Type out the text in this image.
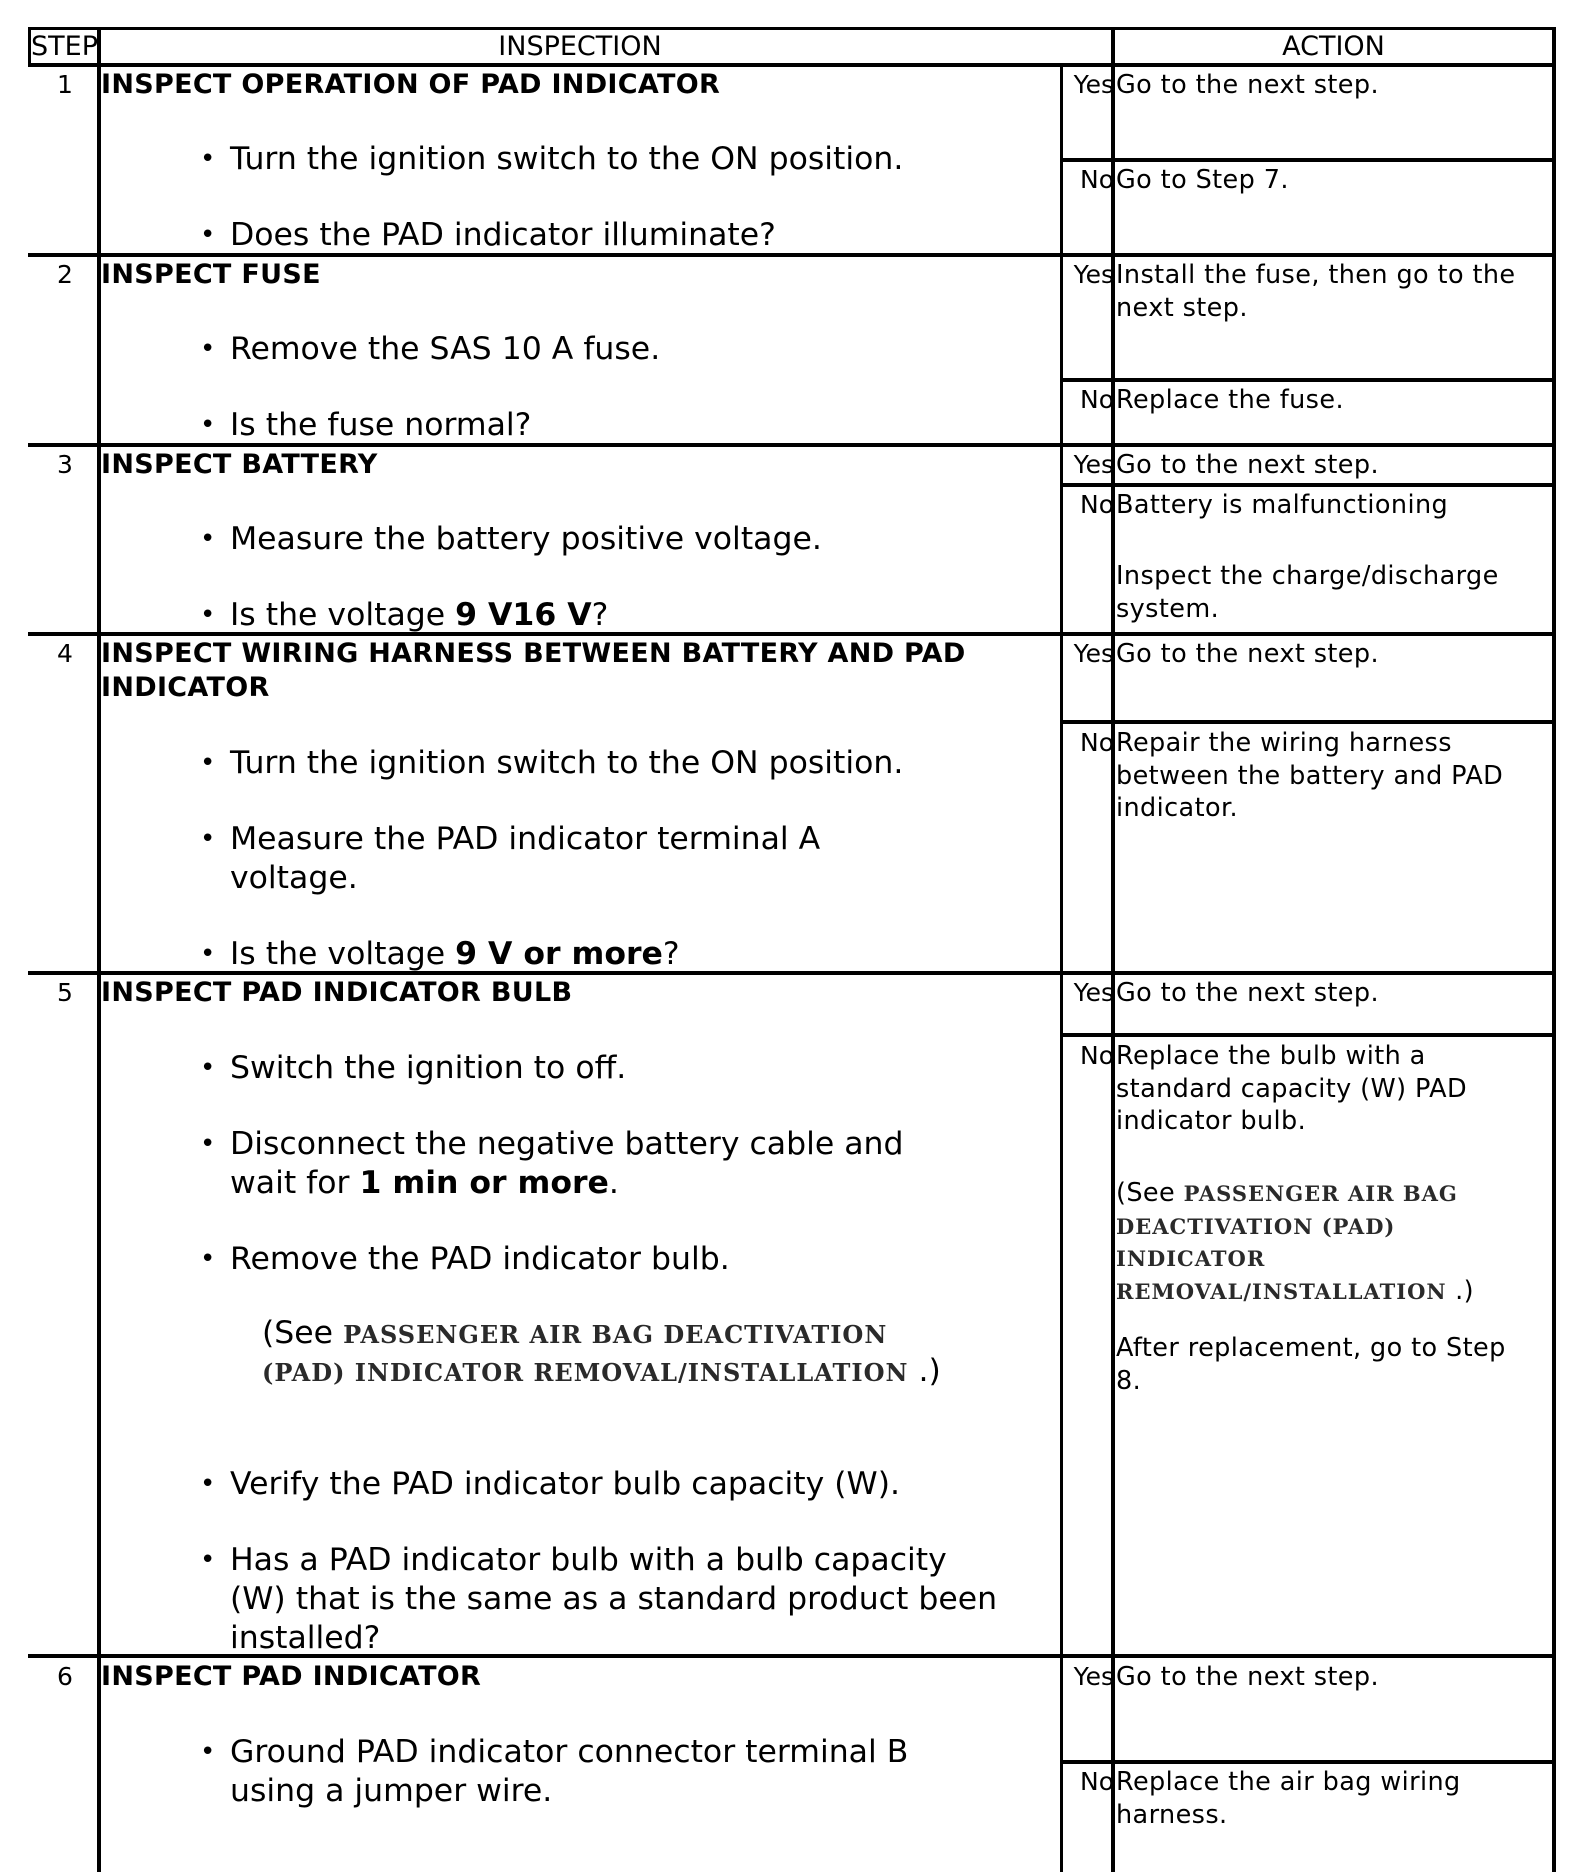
STEP	INSPECTION	ACTION
1	INSPECT OPERATION OF PAD INDICATOR
• Turn the ignition switch to the ON position.
• Does the PAD indicator illuminate?
Yes Go to the next step.
No Go to Step 7.
2	INSPECT FUSE
• Remove the SAS 10 A fuse.
• Is the fuse normal?
Yes Install the fuse, then go to the next step.
No Replace the fuse.
3	INSPECT BATTERY
• Measure the battery positive voltage.
• Is the voltage 9 V16 V?
Yes Go to the next step.
No Battery is malfunctioning
Inspect the charge/discharge system.
4	INSPECT WIRING HARNESS BETWEEN BATTERY AND PAD INDICATOR
• Turn the ignition switch to the ON position.
• Measure the PAD indicator terminal A voltage.
• Is the voltage 9 V or more?
Yes Go to the next step.
No Repair the wiring harness between the battery and PAD indicator.
5	INSPECT PAD INDICATOR BULB
• Switch the ignition to off.
• Disconnect the negative battery cable and wait for 1 min or more.
• Remove the PAD indicator bulb.
(See PASSENGER AIR BAG DEACTIVATION (PAD) INDICATOR REMOVAL/INSTALLATION .)
• Verify the PAD indicator bulb capacity (W).
• Has a PAD indicator bulb with a bulb capacity (W) that is the same as a standard product been installed?
Yes Go to the next step.
No Replace the bulb with a standard capacity (W) PAD indicator bulb.
(See PASSENGER AIR BAG DEACTIVATION (PAD) INDICATOR REMOVAL/INSTALLATION .)
After replacement, go to Step 8.
6	INSPECT PAD INDICATOR
• Ground PAD indicator connector terminal B using a jumper wire.
Yes Go to the next step.
No Replace the air bag wiring harness.
